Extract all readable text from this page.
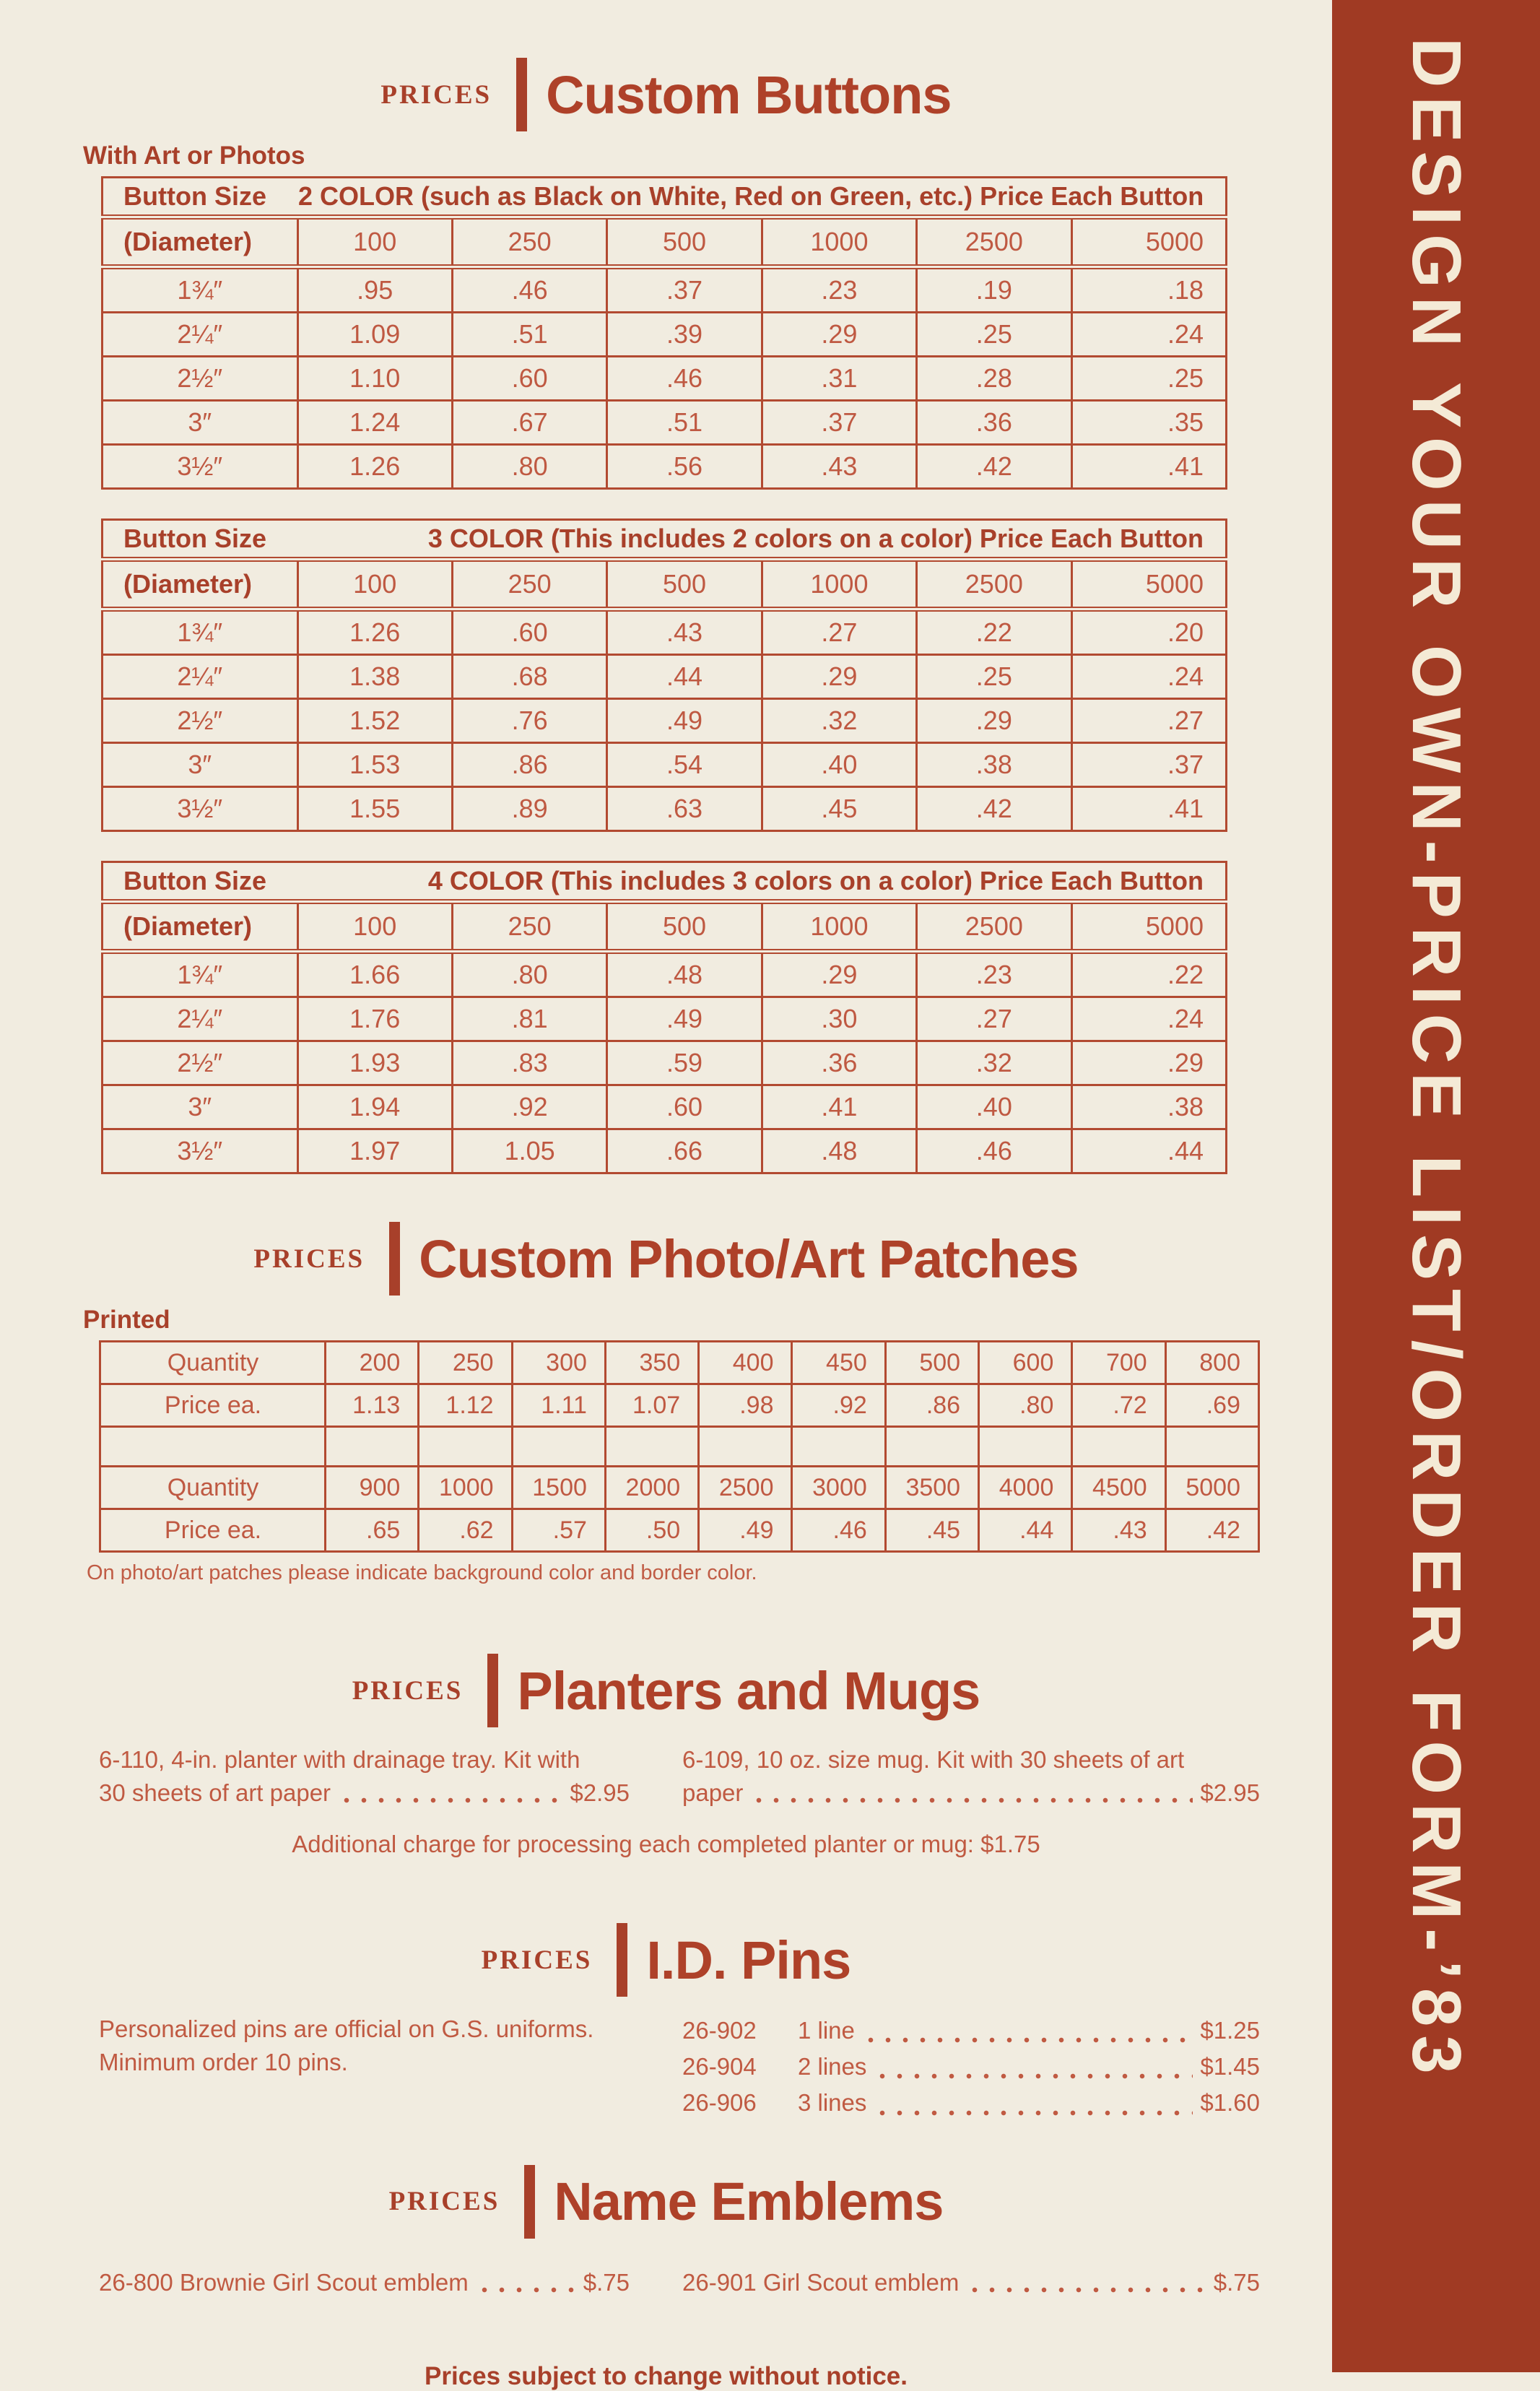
PRICES Custom Buttons
With Art or Photos
Button Size	2 COLOR (such as Black on White, Red on Green, etc.) Price Each Button					
(Diameter)	100	250	500	1000	2500	5000
1¾″	.95	.46	.37	.23	.19	.18
2¼″	1.09	.51	.39	.29	.25	.24
2½″	1.10	.60	.46	.31	.28	.25
3″	1.24	.67	.51	.37	.36	.35
3½″	1.26	.80	.56	.43	.42	.41
Button Size	3 COLOR (This includes 2 colors on a color) Price Each Button					
(Diameter)	100	250	500	1000	2500	5000
1¾″	1.26	.60	.43	.27	.22	.20
2¼″	1.38	.68	.44	.29	.25	.24
2½″	1.52	.76	.49	.32	.29	.27
3″	1.53	.86	.54	.40	.38	.37
3½″	1.55	.89	.63	.45	.42	.41
Button Size	4 COLOR (This includes 3 colors on a color) Price Each Button					
(Diameter)	100	250	500	1000	2500	5000
1¾″	1.66	.80	.48	.29	.23	.22
2¼″	1.76	.81	.49	.30	.27	.24
2½″	1.93	.83	.59	.36	.32	.29
3″	1.94	.92	.60	.41	.40	.38
3½″	1.97	1.05	.66	.48	.46	.44
PRICES Custom Photo/Art Patches
Printed
Quantity	200	250	300	350	400	450	500	600	700	800
Price ea.	1.13	1.12	1.11	1.07	.98	.92	.86	.80	.72	.69

Quantity	900	1000	1500	2000	2500	3000	3500	4000	4500	5000
Price ea.	.65	.62	.57	.50	.49	.46	.45	.44	.43	.42
On photo/art patches please indicate background color and border color.
PRICES Planters and Mugs
6-110, 4-in. planter with drainage tray. Kit with
30 sheets of art paper	$2.95
6-109, 10 oz. size mug. Kit with 30 sheets of art
paper	$2.95
Additional charge for processing each completed planter or mug: $1.75
PRICES I.D. Pins
Personalized pins are official on G.S. uniforms.
Minimum order 10 pins.
26-902	1 line	$1.25
26-904	2 lines	$1.45
26-906	3 lines	$1.60
PRICES Name Emblems
26-800 Brownie Girl Scout emblem	$.75 26-901 Girl Scout emblem	$.75
Prices subject to change without notice.
DESIGN YOUR OWN-PRICE LIST/ORDER FORM-’83
